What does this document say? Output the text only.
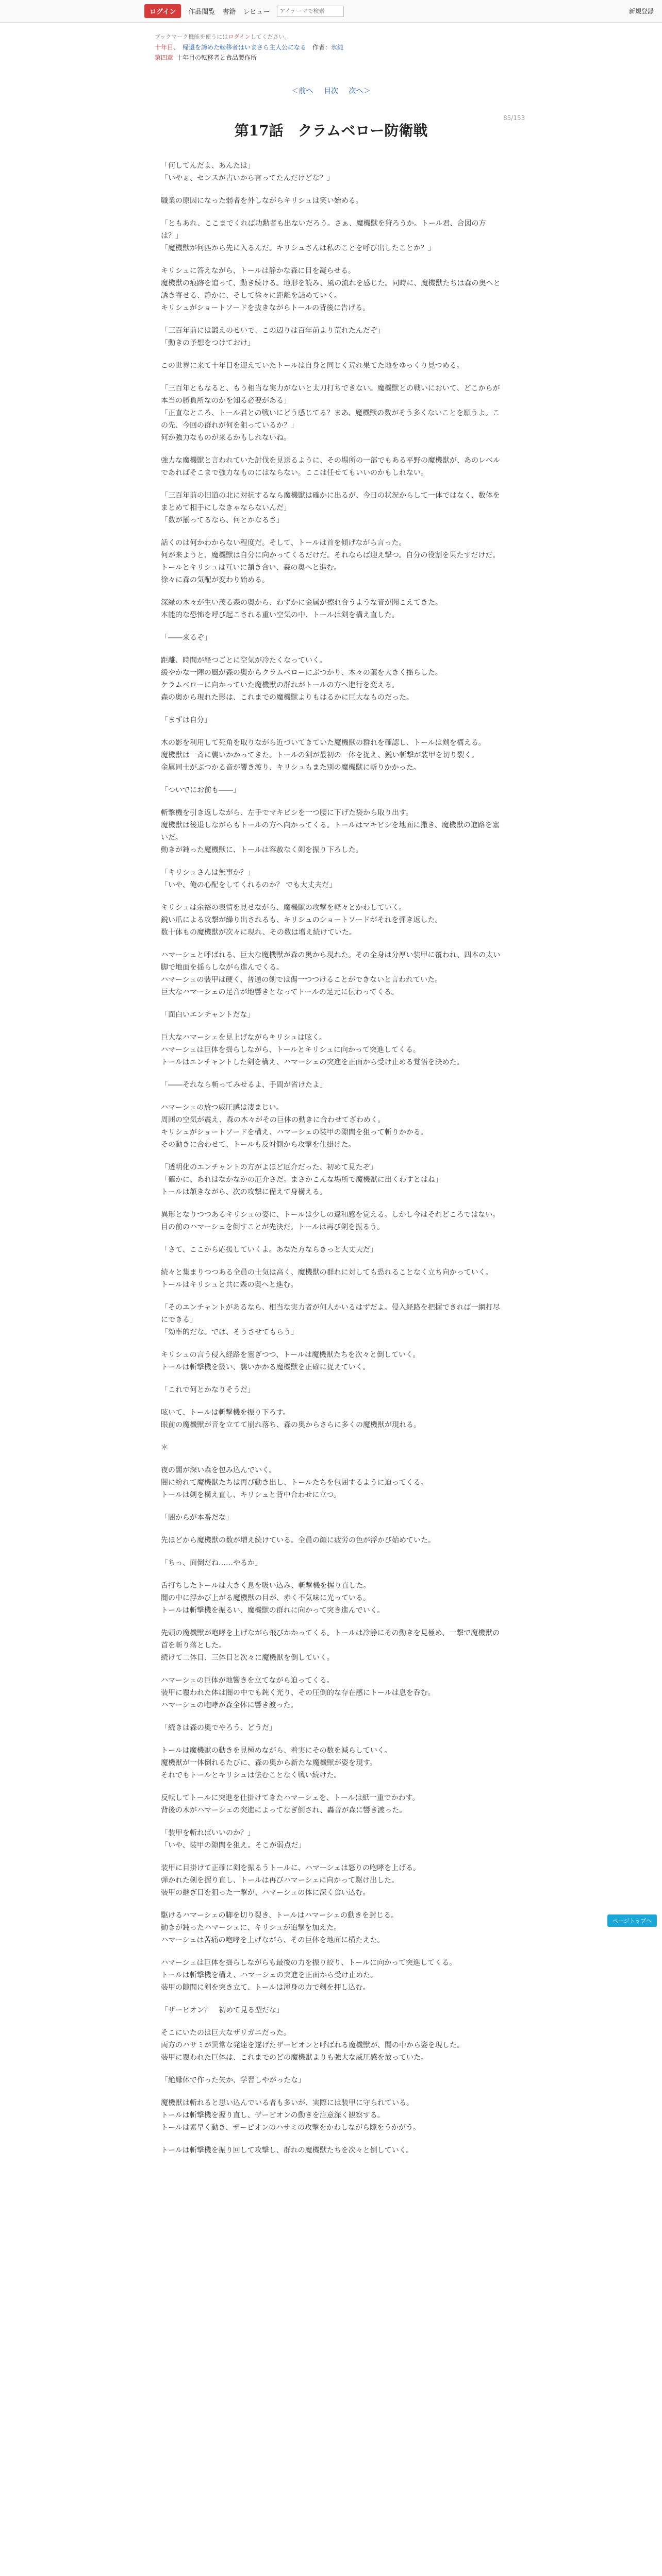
ログイン	作品閲覧 書籍 レビュー
アイテーマで検索	新規登録
ブックマーク機能を使うにはログインしてください。
十年目、 帰還を諦めた転移者はいまさら主人公になる 作者：氷純
第四章 十年目の転移者と食品製作所
＜前へ 目次 次へ＞
85/153
第17話　クラムベロー防衛戦

「何してんだよ、あんたは」
「いやぁ、センスが古いから言ってたんだけどな？」

職業の原因になった弱者を外しながらキリシュは笑い始める。

「ともあれ、ここまでくれば功勲者も出ないだろう。さぁ、魔機獣を狩ろうか。トール君、合図の方は？」
「魔機獣が何匹から先に入るんだ。キリシュさんは私のことを呼び出したことか？」

キリシュに答えながら、トールは静かな森に目を凝らせる。
魔機獣の痕跡を追って、動き続ける。地形を読み、風の流れを感じた。同時に、魔機獣たちは森の奥へと誘き寄せる、静かに、そして徐々に距離を詰めていく。
キリシュがショートソードを抜きながらトールの背後に告げる。

「三百年前には鍛えのせいで、この辺りは百年前より荒れたんだぞ」
「動きの予想をつけておけ」

この世界に来て十年目を迎えていたトールは自身と同じく荒れ果てた地をゆっくり見つめる。

「三百年ともなると、もう相当な実力がないと太刀打ちできない。魔機獣との戦いにおいて、どこからが本当の勝負所なのかを知る必要がある」
「正直なところ、トール君との戦いにどう感じてる？まあ、魔機獣の数がそう多くないことを願うよ。この先、今回の群れが何を狙っているか？」
何か強力なものが来るかもしれないね。

強力な魔機獣と言われていた討伐を見送るように、その場所の一部でもある平野の魔機獣が、あのレベルであればそこまで強力なものにはならない。ここは任せてもいいのかもしれない。

「三百年前の旧道の北に対抗するなら魔機獣は確かに出るが、今日の状況からして一体ではなく、数体をまとめて相手にしなきゃならないんだ」
「数が揃ってるなら、何とかなるさ」

話くのは何かわからない程度だ。そして、トールは首を傾げながら言った。
何が来ようと、魔機獣は自分に向かってくるだけだ。それならば迎え撃つ。自分の役割を果たすだけだ。トールとキリシュは互いに頷き合い、森の奥へと進む。
徐々に森の気配が変わり始める。

深緑の木々が生い茂る森の奥から、わずかに金属が擦れ合うような音が聞こえてきた。
本能的な恐怖を呼び起こされる重い空気の中、トールは剣を構え直した。

「――来るぞ」

距離、時間が経つごとに空気が冷たくなっていく。
緩やかな一陣の風が森の奥からクラムベローにぶつかり、木々の葉を大きく揺らした。
ケラムベローに向かっていた魔機獣の群れがトールの方へ進行を変える。
森の奥から現れた影は、これまでの魔機獣よりもはるかに巨大なものだった。

「まずは自分」

木の影を利用して死角を取りながら近づいてきていた魔機獣の群れを確認し、トールは剣を構える。
魔機獣は一斉に襲いかかってきた。トールの剣が最初の一体を捉え、鋭い斬撃が装甲を切り裂く。
金属同士がぶつかる音が響き渡り、キリシュもまた別の魔機獣に斬りかかった。

「ついでにお前も――」

斬撃機を引き返しながら、左手でマキビシを一つ腰に下げた袋から取り出す。
魔機獣は後退しながらもトールの方へ向かってくる。トールはマキビシを地面に撒き、魔機獣の進路を塞いだ。
動きが鈍った魔機獣に、トールは容赦なく剣を振り下ろした。

「キリシュさんは無事か？」
「いや、俺の心配をしてくれるのか？ でも大丈夫だ」

キリシュは余裕の表情を見せながら、魔機獣の攻撃を軽々とかわしていく。
鋭い爪による攻撃が繰り出されるも、キリシュのショートソードがそれを弾き返した。
数十体もの魔機獣が次々に現れ、その数は増え続けていた。

ハマーシェと呼ばれる、巨大な魔機獣が森の奥から現れた。その全身は分厚い装甲に覆われ、四本の太い脚で地面を揺らしながら進んでくる。
ハマーシェの装甲は硬く、普通の剣では傷一つつけることができないと言われていた。
巨大なハマーシェの足音が地響きとなってトールの足元に伝わってくる。

「面白いエンチャントだな」

巨大なハマーシェを見上げながらキリシュは呟く。
ハマーシェは巨体を揺らしながら、トールとキリシュに向かって突進してくる。
トールはエンチャントした剣を構え、ハマーシェの突進を正面から受け止める覚悟を決めた。

「――それなら斬ってみせるよ、手間が省けたよ」

ハマーシェの放つ威圧感は凄まじい。
周囲の空気が震え、森の木々がその巨体の動きに合わせてざわめく。
キリシュがショートソードを構え、ハマーシェの装甲の隙間を狙って斬りかかる。
その動きに合わせて、トールも反対側から攻撃を仕掛けた。

「透明化のエンチャントの方がよほど厄介だった、初めて見たぞ」
「確かに、あれはなかなかの厄介さだ。まさかこんな場所で魔機獣に出くわすとはね」
トールは頷きながら、次の攻撃に備えて身構える。

異形となりつつあるキリシュの姿に、トールは少しの違和感を覚える。しかし今はそれどころではない。
目の前のハマーシェを倒すことが先決だ。トールは再び剣を振るう。

「さて、ここから応援していくよ。あなた方ならきっと大丈夫だ」

続々と集まりつつある全員の士気は高く、魔機獣の群れに対しても恐れることなく立ち向かっていく。
トールはキリシュと共に森の奥へと進む。

「そのエンチャントがあるなら、相当な実力者が何人かいるはずだよ。侵入経路を把握できれば一網打尽にできる」
「効率的だな。では、そうさせてもらう」

キリシュの言う侵入経路を塞ぎつつ、トールは魔機獣たちを次々と倒していく。
トールは斬撃機を扱い、襲いかかる魔機獣を正確に捉えていく。

「これで何とかなりそうだ」

呟いて、トールは斬撃機を振り下ろす。
眼前の魔機獣が音を立てて崩れ落ち、森の奥からさらに多くの魔機獣が現れる。

＊

夜の闇が深い森を包み込んでいく。
闇に紛れて魔機獣たちは再び動き出し、トールたちを包囲するように迫ってくる。
トールは剣を構え直し、キリシュと背中合わせに立つ。

「闇からが本番だな」

先ほどから魔機獣の数が増え続けている。全員の顔に疲労の色が浮かび始めていた。

「ちっ、面倒だね……やるか」

舌打ちしたトールは大きく息を吸い込み、斬撃機を握り直した。
闇の中に浮かび上がる魔機獣の目が、赤く不気味に光っている。
トールは斬撃機を振るい、魔機獣の群れに向かって突き進んでいく。

先頭の魔機獣が咆哮を上げながら飛びかかってくる。トールは冷静にその動きを見極め、一撃で魔機獣の首を斬り落とした。
続けて二体目、三体目と次々に魔機獣を倒していく。

ハマーシェの巨体が地響きを立てながら迫ってくる。
装甲に覆われた体は闇の中でも鈍く光り、その圧倒的な存在感にトールは息を呑む。
ハマーシェの咆哮が森全体に響き渡った。

「続きは森の奥でやろう、どうだ」

トールは魔機獣の動きを見極めながら、着実にその数を減らしていく。
魔機獣が一体倒れるたびに、森の奥から新たな魔機獣が姿を現す。
それでもトールとキリシュは怯むことなく戦い続けた。

反転してトールに突進を仕掛けてきたハマーシェを、トールは紙一重でかわす。
背後の木がハマーシェの突進によってなぎ倒され、轟音が森に響き渡った。

「装甲を斬ればいいのか？」
「いや、装甲の隙間を狙え。そこが弱点だ」

装甲に目掛けて正確に剣を振るうトールに、ハマーシェは怒りの咆哮を上げる。
弾かれた剣を握り直し、トールは再びハマーシェに向かって駆け出した。
装甲の継ぎ目を狙った一撃が、ハマーシェの体に深く食い込む。

駆けるハマーシェの脚を切り裂き、トールはハマーシェの動きを封じる。
動きが鈍ったハマーシェに、キリシュが追撃を加えた。
ハマーシェは苦痛の咆哮を上げながら、その巨体を地面に横たえた。

ハマーシェは巨体を揺らしながらも最後の力を振り絞り、トールに向かって突進してくる。
トールは斬撃機を構え、ハマーシェの突進を正面から受け止めた。
装甲の隙間に剣を突き立て、トールは渾身の力で剣を押し込む。

「ザーピオン？　初めて見る型だな」

そこにいたのは巨大なザリガニだった。
両方のハサミが異常な発達を遂げたザーピオンと呼ばれる魔機獣が、闇の中から姿を現した。
装甲に覆われた巨体は、これまでのどの魔機獣よりも強大な威圧感を放っていた。

「絶縁体で作った矢か、学習しやがったな」

魔機獣は斬れると思い込んでいる者も多いが、実際には装甲に守られている。
トールは斬撃機を握り直し、ザーピオンの動きを注意深く観察する。
トールは素早く動き、ザーピオンのハサミの攻撃をかわしながら隙をうかがう。

トールは斬撃機を振り回して攻撃し、群れの魔機獣たちを次々と倒していく。

ページトップへ
